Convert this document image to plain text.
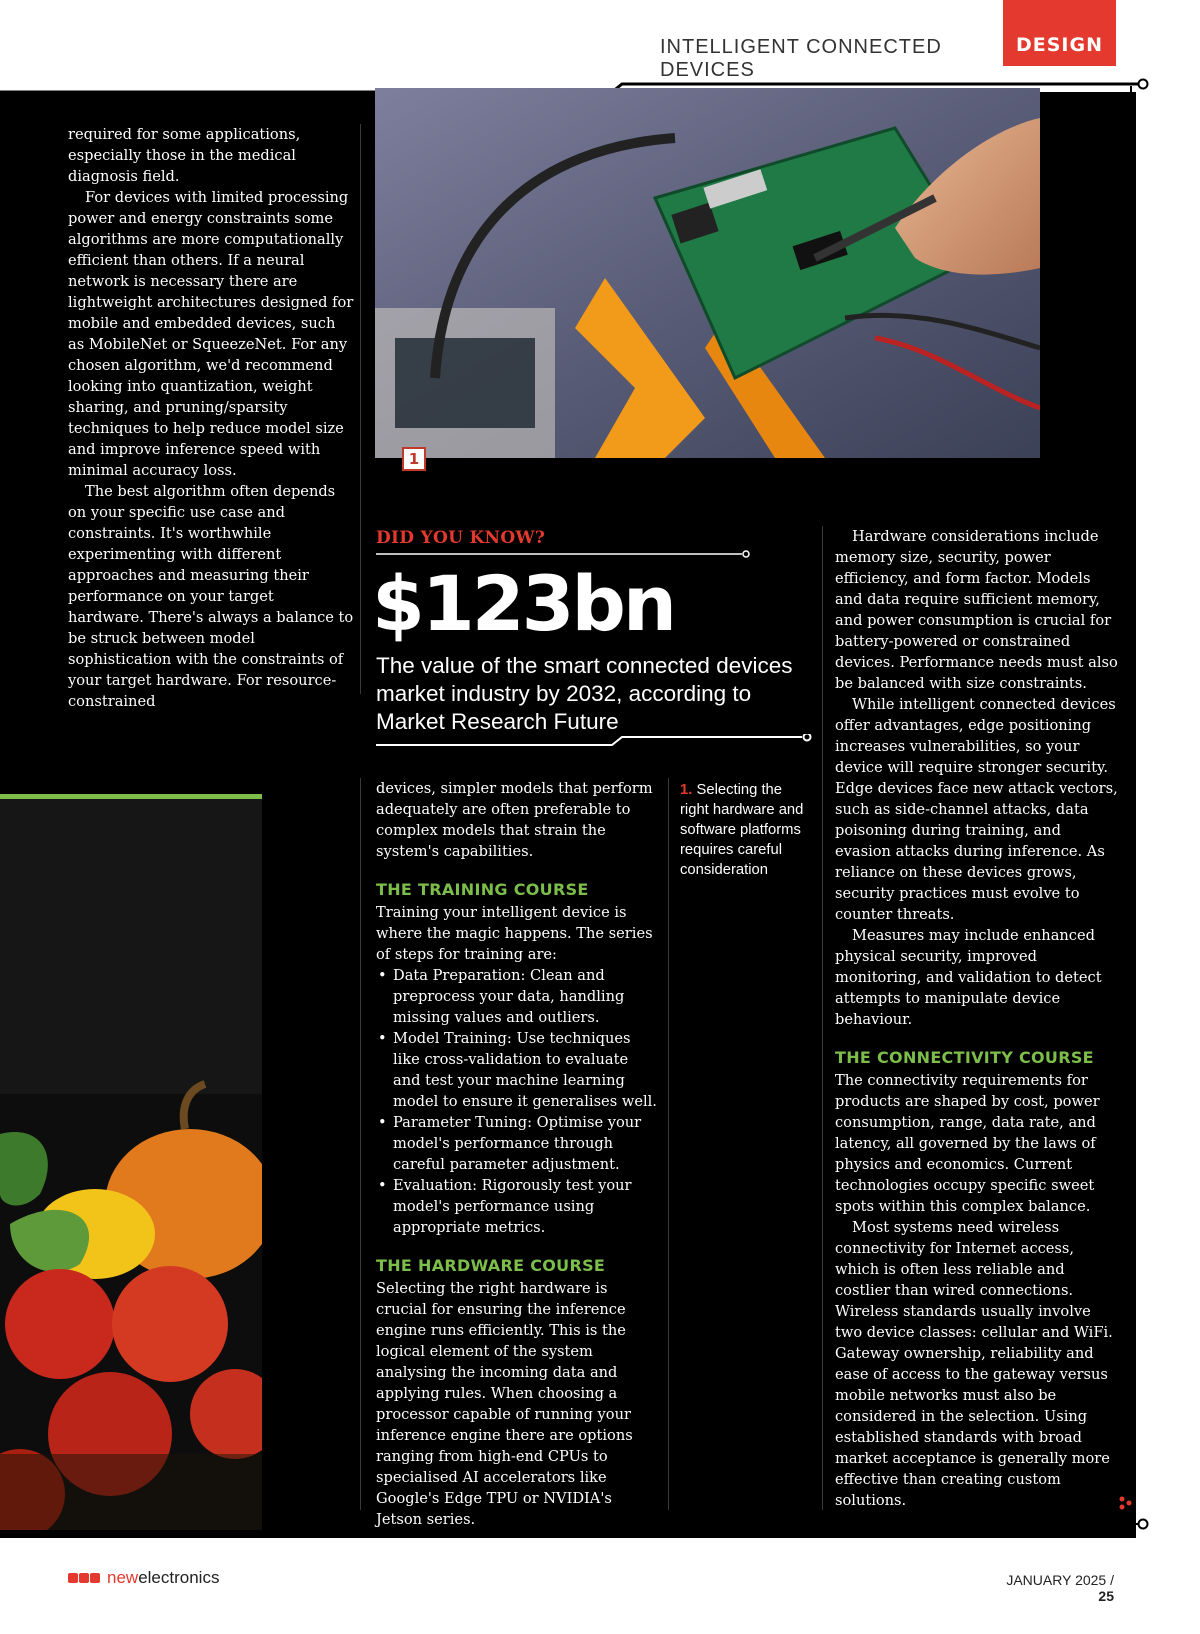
INTELLIGENT CONNECTED DEVICES
DESIGN
1

required for some applications, especially those in the medical diagnosis field.

For devices with limited processing power and energy constraints some algorithms are more computationally efficient than others. If a neural network is necessary there are lightweight architectures designed for mobile and embedded devices, such as MobileNet or SqueezeNet. For any chosen algorithm, we'd recommend looking into quantization, weight sharing, and pruning/sparsity techniques to help reduce model size and improve inference speed with minimal accuracy loss.

The best algorithm often depends on your specific use case and constraints. It's worthwhile experimenting with different approaches and measuring their performance on your target hardware. There's always a balance to be struck between model sophistication with the constraints of your target hardware. For resource-constrained

DID YOU KNOW?
$123bn
The value of the smart connected devices market industry by 2032, according to Market Research Future

devices, simpler models that perform adequately are often preferable to complex models that strain the system's capabilities.

THE TRAINING COURSE

Training your intelligent device is where the magic happens. The series of steps for training are:

• Data Preparation: Clean and preprocess your data, handling missing values and outliers.
• Model Training: Use techniques like cross-validation to evaluate and test your machine learning model to ensure it generalises well.
• Parameter Tuning: Optimise your model's performance through careful parameter adjustment.
• Evaluation: Rigorously test your model's performance using appropriate metrics.
THE HARDWARE COURSE

Selecting the right hardware is crucial for ensuring the inference engine runs efficiently. This is the logical element of the system analysing the incoming data and applying rules. When choosing a processor capable of running your inference engine there are options ranging from high-end CPUs to specialised AI accelerators like Google's Edge TPU or NVIDIA's Jetson series.

1. Selecting the right hardware and software platforms requires careful consideration

Hardware considerations include memory size, security, power efficiency, and form factor. Models and data require sufficient memory, and power consumption is crucial for battery-powered or constrained devices. Performance needs must also be balanced with size constraints.

While intelligent connected devices offer advantages, edge positioning increases vulnerabilities, so your device will require stronger security. Edge devices face new attack vectors, such as side-channel attacks, data poisoning during training, and evasion attacks during inference. As reliance on these devices grows, security practices must evolve to counter threats.

Measures may include enhanced physical security, improved monitoring, and validation to detect attempts to manipulate device behaviour.

THE CONNECTIVITY COURSE

The connectivity requirements for products are shaped by cost, power consumption, range, data rate, and latency, all governed by the laws of physics and economics. Current technologies occupy specific sweet spots within this complex balance.

Most systems need wireless connectivity for Internet access, which is often less reliable and costlier than wired connections. Wireless standards usually involve two device classes: cellular and WiFi. Gateway ownership, reliability and ease of access to the gateway versus mobile networks must also be considered in the selection. Using established standards with broad market acceptance is generally more effective than creating custom solutions.

newelectronics	JANUARY 2025 / 25
